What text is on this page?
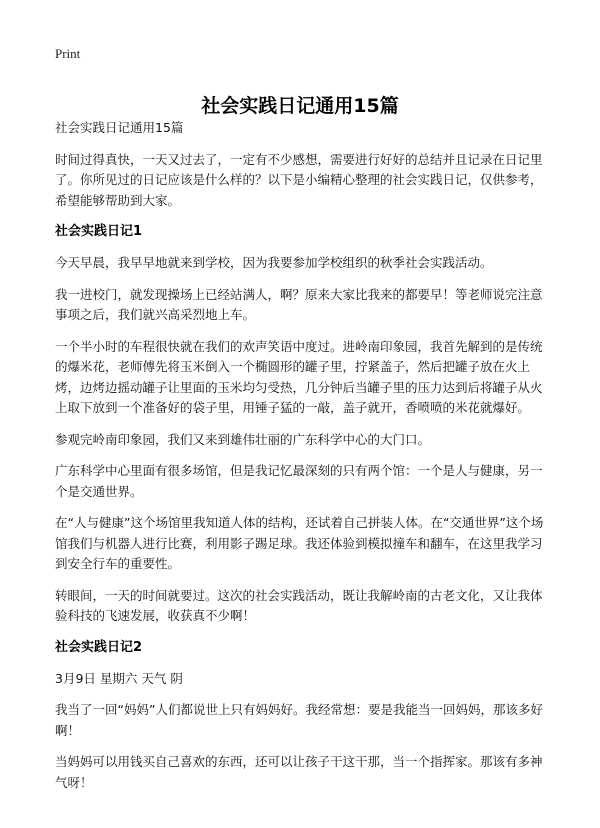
Print
社会实践日记通用15篇

社会实践日记通用15篇

时间过得真快，一天又过去了，一定有不少感想，需要进行好好的总结并且记录在日记里了。你所见过的日记应该是什么样的？以下是小编精心整理的社会实践日记，仅供参考，希望能够帮助到大家。

社会实践日记1

今天早晨，我早早地就来到学校，因为我要参加学校组织的秋季社会实践活动。

我一进校门，就发现操场上已经站满人，啊？原来大家比我来的都要早！等老师说完注意事项之后，我们就兴高采烈地上车。

一个半小时的车程很快就在我们的欢声笑语中度过。进岭南印象园，我首先解到的是传统的爆米花，老师傅先将玉米倒入一个椭圆形的罐子里，拧紧盖子，然后把罐子放在火上烤，边烤边摇动罐子让里面的玉米均匀受热，几分钟后当罐子里的压力达到后将罐子从火上取下放到一个准备好的袋子里，用锤子猛的一敲，盖子就开，香喷喷的米花就爆好。

参观完岭南印象园，我们又来到雄伟壮丽的广东科学中心的大门口。

广东科学中心里面有很多场馆，但是我记忆最深刻的只有两个馆：一个是人与健康，另一个是交通世界。

在“人与健康”这个场馆里我知道人体的结构，还试着自己拼装人体。在“交通世界”这个场馆我们与机器人进行比赛，利用影子踢足球。我还体验到模拟撞车和翻车，在这里我学习到安全行车的重要性。

转眼间，一天的时间就要过。这次的社会实践活动，既让我解岭南的古老文化，又让我体验科技的飞速发展，收获真不少啊！

社会实践日记2

3月9日 星期六 天气 阴

我当了一回“妈妈”人们都说世上只有妈妈好。我经常想：要是我能当一回妈妈，那该多好啊！

当妈妈可以用钱买自己喜欢的东西，还可以让孩子干这干那，当一个指挥家。那该有多神气呀！
